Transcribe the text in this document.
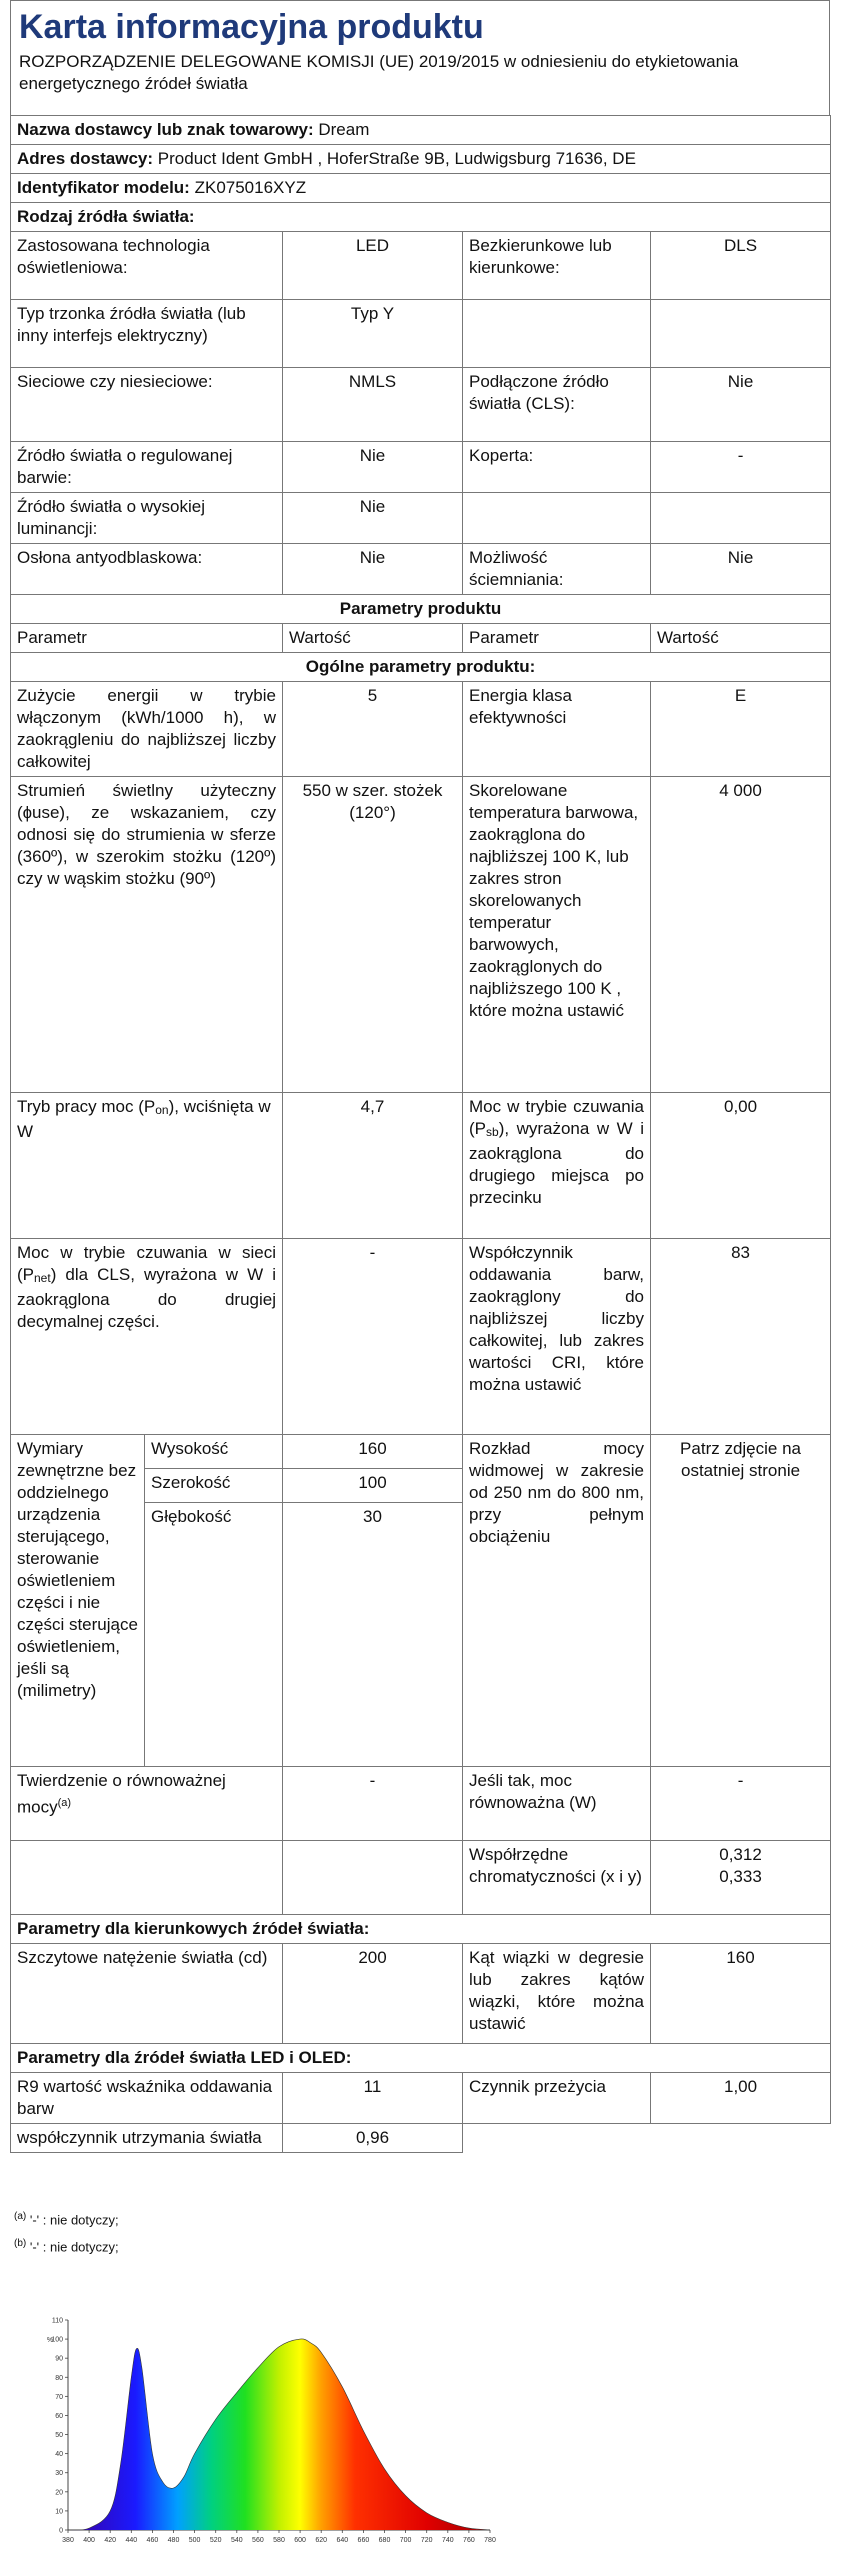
Karta informacyjna produktu

ROZPORZĄDZENIE DELEGOWANE KOMISJI (UE) 2019/2015 w odniesieniu do etykietowania energetycznego źródeł światła

Nazwa dostawcy lub znak towarowy: Dream				
Adres dostawcy: Product Ident GmbH , HoferStraße 9B, Ludwigsburg 71636, DE				
Identyfikator modelu: ZK075016XYZ				
Rodzaj źródła światła:				
Zastosowana technologia oświetleniowa:		LED	Bezkierunkowe lub kierunkowe:	DLS
Typ trzonka źródła światła (lub inny interfejs elektryczny)		Typ Y		
Sieciowe czy niesieciowe:		NMLS	Podłączone źródło światła (CLS):	Nie
Źródło światła o regulowanej barwie:		Nie	Koperta:	-
Źródło światła o wysokiej luminancji:		Nie		
Osłona antyodblaskowa:		Nie	Możliwość ściemniania:	Nie
Parametry produktu				
Parametr		Wartość	Parametr	Wartość
Ogólne parametry produktu:				
Zużycie energii w trybie włączonym (kWh/1000 h), w zaokrągleniu do najbliższej liczby całkowitej		5	Energia klasa efektywności	E
Strumień świetlny użyteczny (ɸuse), ze wskazaniem, czy odnosi się do strumienia w sferze (360º), w szerokim stożku (120º) czy w wąskim stożku (90º)		550 w szer. stożek (120°)	Skorelowane temperatura barwowa, zaokrąglona do najbliższej 100 K, lub zakres stron skorelowanych temperatur barwowych, zaokrąglonych do najbliższego 100 K , które można ustawić	4 000
Tryb pracy moc (Pon), wciśnięta w W		4,7	Moc w trybie czuwania (Psb), wyrażona w W i zaokrąglona do drugiego miejsca po przecinku	0,00
Moc w trybie czuwania w sieci (Pnet) dla CLS, wyrażona w W i zaokrąglona do drugiej decymalnej części.		-	Współczynnik oddawania barw, zaokrąglony do najbliższej liczby całkowitej, lub zakres wartości CRI, które można ustawić	83
Wymiary zewnętrzne bez oddzielnego urządzenia sterującego, sterowanie oświetleniem części i nie części sterujące oświetleniem, jeśli są (milimetry)	Wysokość	160	Rozkład mocy widmowej w zakresie od 250 nm do 800 nm, przy pełnym obciążeniu	Patrz zdjęcie na ostatniej stronie
	Szerokość	100		
	Głębokość	30		
Twierdzenie o równoważnej mocy$^{(a)}$		-	Jeśli tak, moc równoważna (W)	-
			Współrzędne chromatyczności (x i y)	0,312
0,333

Parametry dla kierunkowych źródeł światła:				
Szczytowe natężenie światła (cd)		200	Kąt wiązki w degresie lub zakres kątów wiązki, które można ustawić	160
Parametry dla źródeł światła LED i OLED:				
R9 wartość wskaźnika oddawania barw		11	Czynnik przeżycia	1,00
współczynnik utrzymania światła		0,96		
$^{(a)}$ '-' : nie dotyczy;
$^{(b)}$ '-' : nie dotyczy;
380 400 420 440 460 480 500 520 540 560 580 600 620 640 660 680 700 720 740 760 780
0
10
20
30
40
50
60
70
80
90
100
110
%
